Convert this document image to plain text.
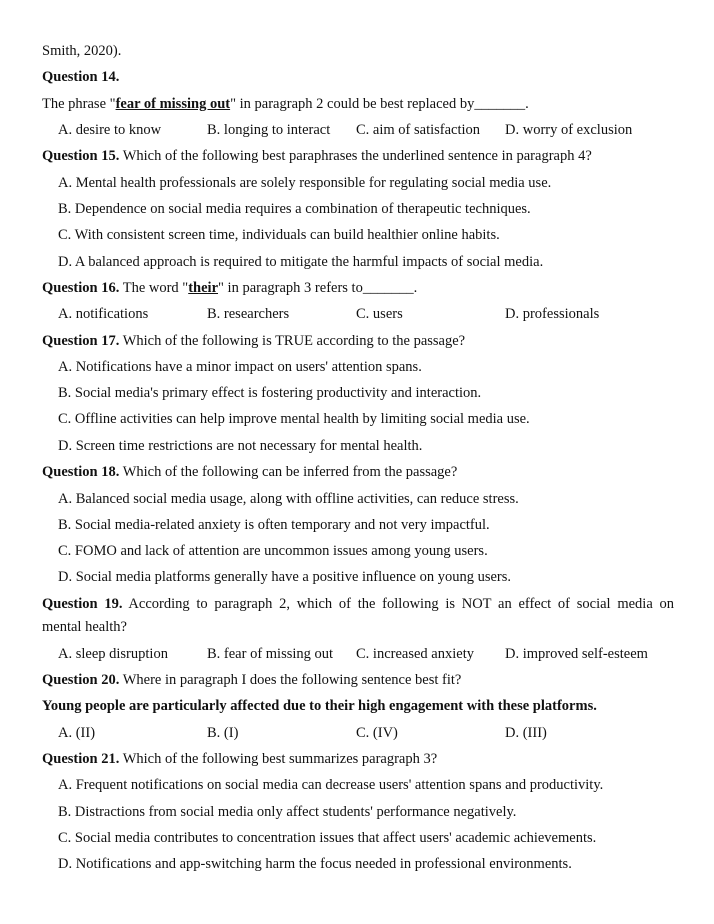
Smith, 2020).
Question 14.
The phrase "fear of missing out" in paragraph 2 could be best replaced by_______.
A. desire to know	B. longing to interact C. aim of satisfaction D. worry of exclusion
Question 15. Which of the following best paraphrases the underlined sentence in paragraph 4?
A. Mental health professionals are solely responsible for regulating social media use.
B. Dependence on social media requires a combination of therapeutic techniques.
C. With consistent screen time, individuals can build healthier online habits.
D. A balanced approach is required to mitigate the harmful impacts of social media.
Question 16. The word "their" in paragraph 3 refers to_______.
A. notifications	B. researchers	C. users	D. professionals
Question 17. Which of the following is TRUE according to the passage?
A. Notifications have a minor impact on users' attention spans.
B. Social media's primary effect is fostering productivity and interaction.
C. Offline activities can help improve mental health by limiting social media use.
D. Screen time restrictions are not necessary for mental health.
Question 18. Which of the following can be inferred from the passage?
A. Balanced social media usage, along with offline activities, can reduce stress.
B. Social media-related anxiety is often temporary and not very impactful.
C. FOMO and lack of attention are uncommon issues among young users.
D. Social media platforms generally have a positive influence on young users.
Question 19. According to paragraph 2, which of the following is NOT an effect of social media on
mental health?
A. sleep disruption	B. fear of missing out C. increased anxiety D. improved self-esteem
Question 20. Where in paragraph I does the following sentence best fit?
Young people are particularly affected due to their high engagement with these platforms.
A. (II)	B. (I)	C. (IV)	D. (III)
Question 21. Which of the following best summarizes paragraph 3?
A. Frequent notifications on social media can decrease users' attention spans and productivity.
B. Distractions from social media only affect students' performance negatively.
C. Social media contributes to concentration issues that affect users' academic achievements.
D. Notifications and app-switching harm the focus needed in professional environments.
